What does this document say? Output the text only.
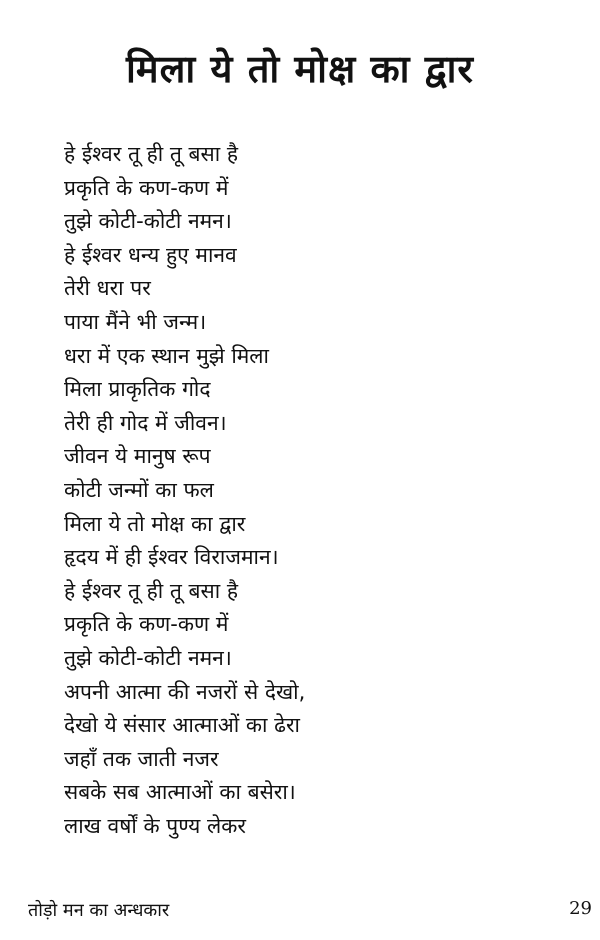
मिला ये तो मोक्ष का द्वार
हे ईश्वर तू ही तू बसा है
प्रकृति के कण-कण में
तुझे कोटी-कोटी नमन।
हे ईश्वर धन्य हुए मानव
तेरी धरा पर
पाया मैंने भी जन्म।
धरा में एक स्थान मुझे मिला
मिला प्राकृतिक गोद
तेरी ही गोद में जीवन।
जीवन ये मानुष रूप
कोटी जन्मों का फल
मिला ये तो मोक्ष का द्वार
हृदय में ही ईश्वर विराजमान।
हे ईश्वर तू ही तू बसा है
प्रकृति के कण-कण में
तुझे कोटी-कोटी नमन।
अपनी आत्मा की नजरों से देखो,
देखो ये संसार आत्माओं का ढेरा
जहाँ तक जाती नजर
सबके सब आत्माओं का बसेरा।
लाख वर्षों के पुण्य लेकर
तोड़ो मन का अन्धकार	29
